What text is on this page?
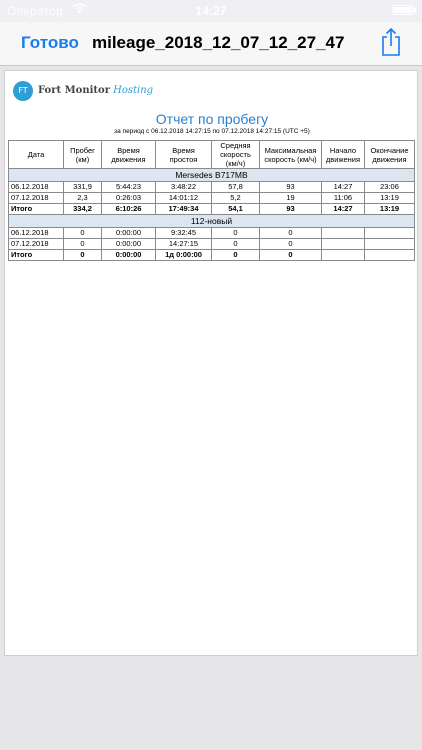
Оператор	14:27
Готово mileage_2018_12_07_12_27_47
FT	Fort Monitor Hosting
Отчет по пробегу
за период с 06.12.2018 14:27:15 по 07.12.2018 14:27:15 (UTC +5)
Дата	Пробег (км)	Время движения	Время простоя	Средняя скорость (км/ч)	Максимальная скорость (км/ч)	Начало движения	Окончание движения
Mersedes B717MB							
06.12.2018	331,9	5:44:23	3:48:22	57,8	93	14:27	23:06
07.12.2018	2,3	0:26:03	14:01:12	5,2	19	11:06	13:19
Итого	334,2	6:10:26	17:49:34	54,1	93	14:27	13:19
112-новый							
06.12.2018	0	0:00:00	9:32:45	0	0		
07.12.2018	0	0:00:00	14:27:15	0	0		
Итого	0	0:00:00	1д 0:00:00	0	0		
